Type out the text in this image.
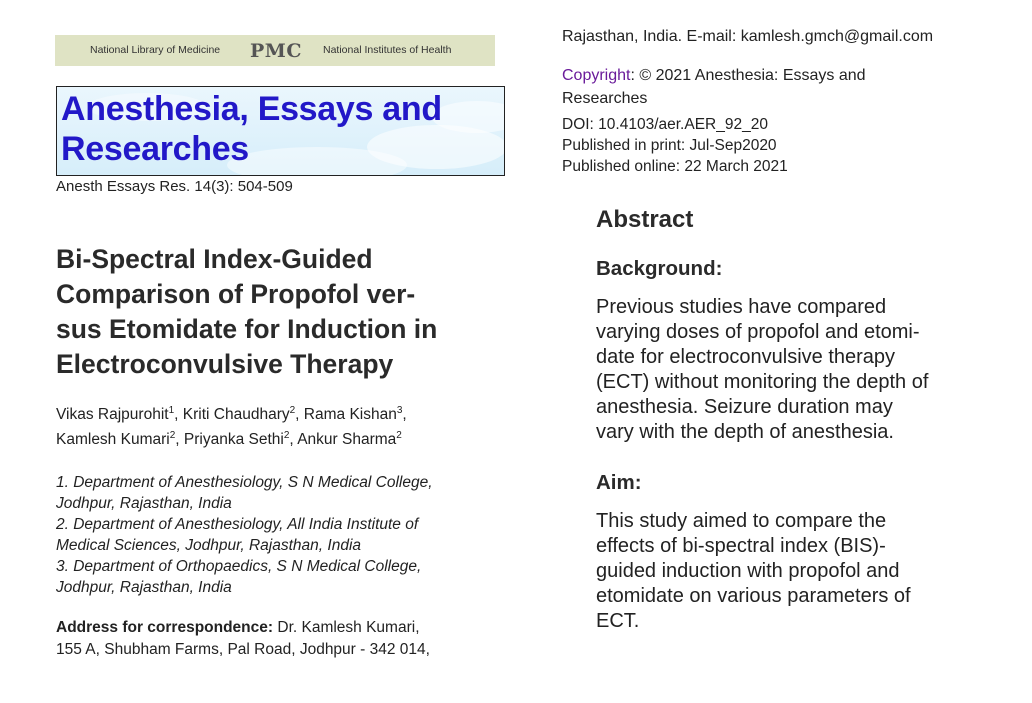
National Library of Medicine PMC National Institutes of Health
Anesthesia, Essays and
Researches
Anesth Essays Res. 14(3): 504-509
Bi-Spectral Index-Guided
Comparison of Propofol ver-
sus Etomidate for Induction in
Electroconvulsive Therapy
Vikas Rajpurohit$^1$, Kriti Chaudhary$^2$, Rama Kishan$^3$,
Kamlesh Kumari$^2$, Priyanka Sethi$^2$, Ankur Sharma$^2$
1. Department of Anesthesiology, S N Medical College,
Jodhpur, Rajasthan, India
2. Department of Anesthesiology, All India Institute of
Medical Sciences, Jodhpur, Rajasthan, India
3. Department of Orthopaedics, S N Medical College,
Jodhpur, Rajasthan, India
Address for correspondence: Dr. Kamlesh Kumari,
155 A, Shubham Farms, Pal Road, Jodhpur - 342 014,
Rajasthan, India. E-mail: kamlesh.gmch@gmail.com
Copyright: © 2021 Anesthesia: Essays and
Researches
DOI: 10.4103/aer.AER_92_20
Published in print: Jul-Sep2020
Published online: 22 March 2021
Abstract
Background:
Previous studies have compared
varying doses of propofol and etomi-
date for electroconvulsive therapy
(ECT) without monitoring the depth of
anesthesia. Seizure duration may
vary with the depth of anesthesia.
Aim:
This study aimed to compare the
effects of bi-spectral index (BIS)-
guided induction with propofol and
etomidate on various parameters of
ECT.
